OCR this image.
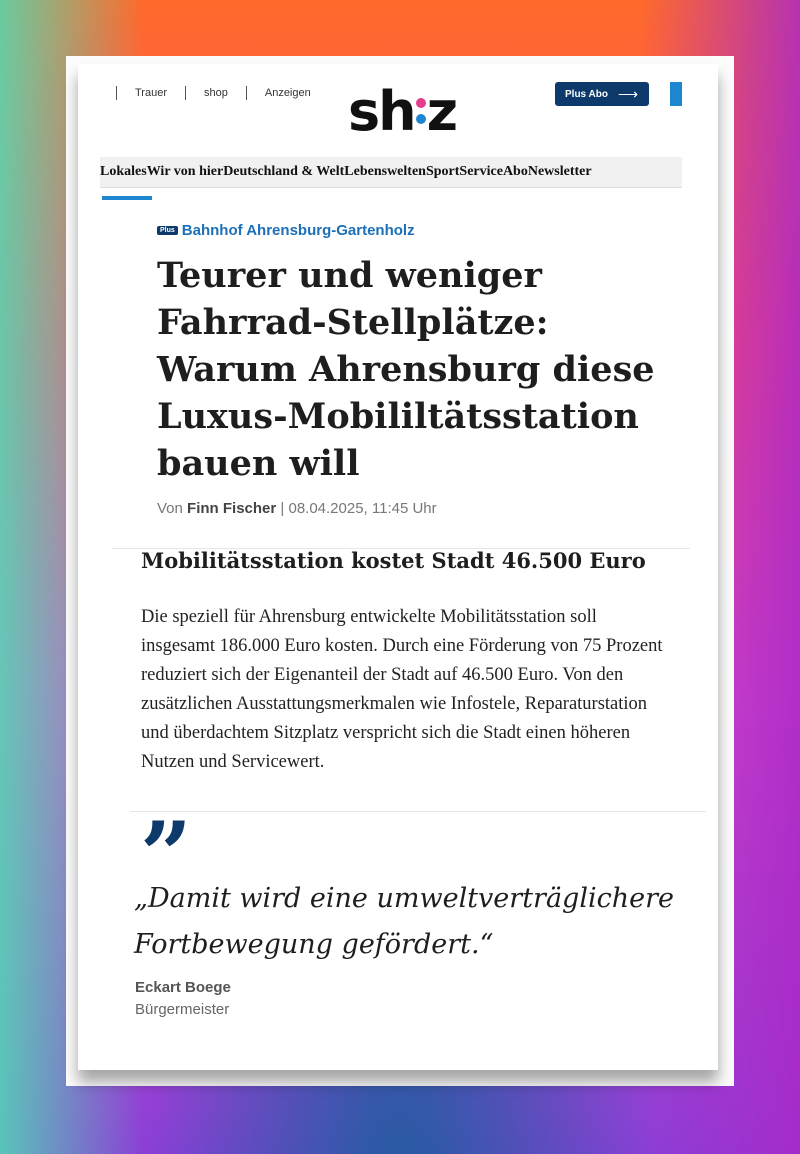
Trauer	shop	Anzeigen sh z	Plus Abo ⟶
Lokales Wir von hier Deutschland & Welt Lebenswelten Sport Service Abo Newsletter
Plus Bahnhof Ahrensburg-Gartenholz
Teurer und weniger Fahrrad-Stellplätze: Warum Ahrensburg diese Luxus-Mobililtätsstation bauen will
Von Finn Fischer | 08.04.2025, 11:45 Uhr
Mobilitätsstation kostet Stadt 46.500 Euro

Die speziell für Ahrensburg entwickelte Mobilitätsstation soll insgesamt 186.000 Euro kosten. Durch eine Förderung von 75 Prozent reduziert sich der Eigenanteil der Stadt auf 46.500 Euro. Von den zusätzlichen Ausstattungsmerkmalen wie Infostele, Reparaturstation und überdachtem Sitzplatz verspricht sich die Stadt einen höheren Nutzen und Servicewert.

”

„Damit wird eine umweltverträglichere Fortbewegung gefördert.“

Eckart Boege
Bürgermeister
